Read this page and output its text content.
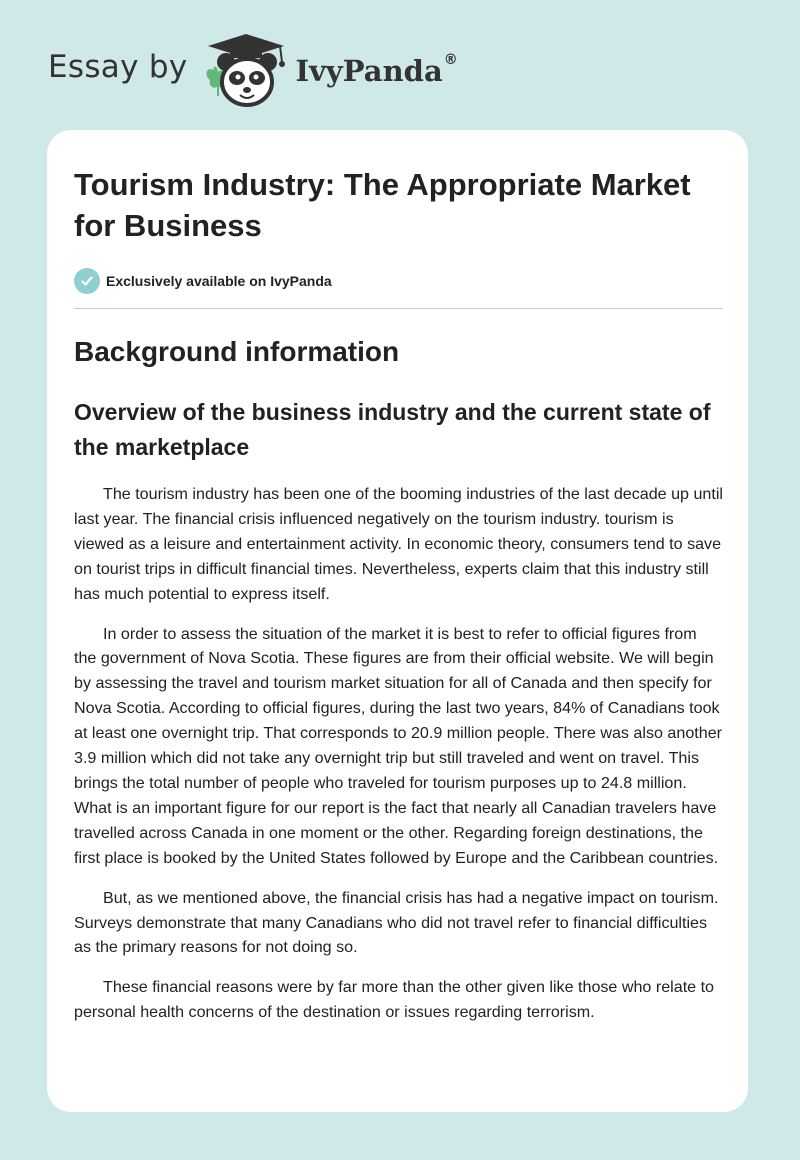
Essay by	IvyPanda®
Tourism Industry: The Appropriate Market for Business
Exclusively available on IvyPanda
Background information
Overview of the business industry and the current state of the marketplace

The tourism industry has been one of the booming industries of the last decade up until last year. The financial crisis influenced negatively on the tourism industry. tourism is viewed as a leisure and entertainment activity. In economic theory, consumers tend to save on tourist trips in difficult financial times. Nevertheless, experts claim that this industry still has much potential to express itself.

In order to assess the situation of the market it is best to refer to official figures from the government of Nova Scotia. These figures are from their official website. We will begin by assessing the travel and tourism market situation for all of Canada and then specify for Nova Scotia. According to official figures, during the last two years, 84% of Canadians took at least one overnight trip. That corresponds to 20.9 million people. There was also another 3.9 million which did not take any overnight trip but still traveled and went on travel. This brings the total number of people who traveled for tourism purposes up to 24.8 million. What is an important figure for our report is the fact that nearly all Canadian travelers have travelled across Canada in one moment or the other. Regarding foreign destinations, the first place is booked by the United States followed by Europe and the Caribbean countries.

But, as we mentioned above, the financial crisis has had a negative impact on tourism. Surveys demonstrate that many Canadians who did not travel refer to financial difficulties as the primary reasons for not doing so.

These financial reasons were by far more than the other given like those who relate to personal health concerns of the destination or issues regarding terrorism.
